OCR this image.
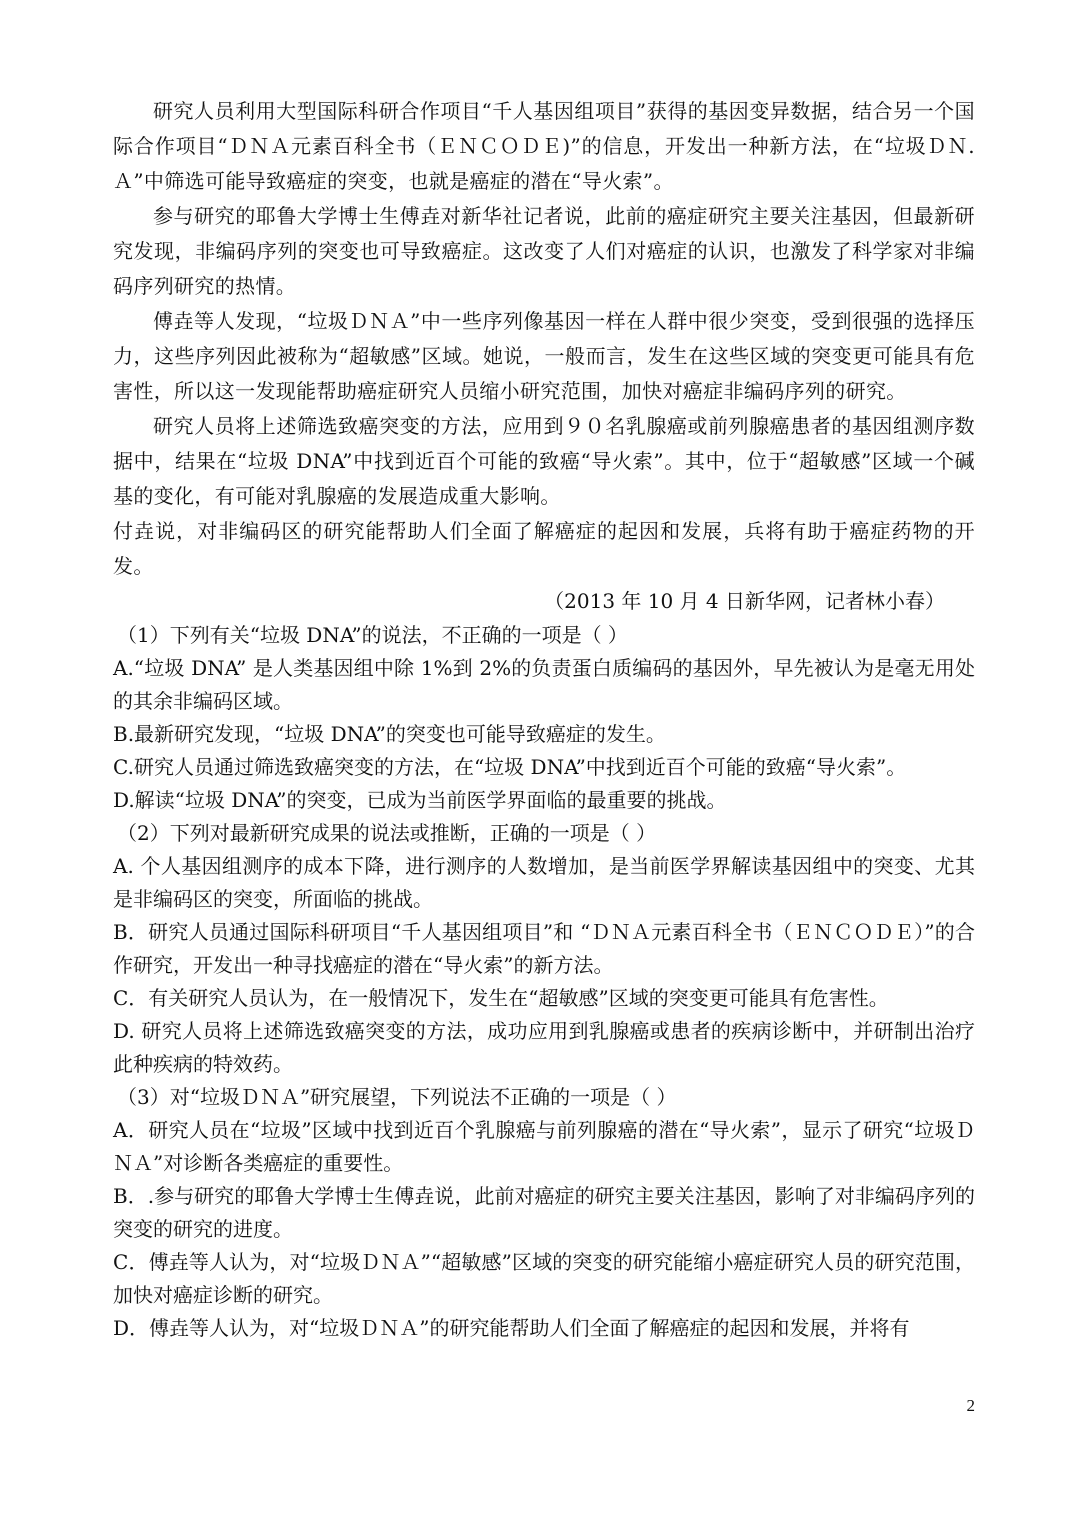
研究人员利用大型国际科研合作项目“千人基因组项目”获得的基因变异数据，结合另一个国际合作项目“ＤＮＡ元素百科全书（ＥＮＣＯＤＥ)”的信息，开发出一种新方法，在“垃圾ＤＮ.Ａ”中筛选可能导致癌症的突变，也就是癌症的潜在“导火索”。

参与研究的耶鲁大学博士生傅垚对新华社记者说，此前的癌症研究主要关注基因，但最新研究发现，非编码序列的突变也可导致癌症。这改变了人们对癌症的认识，也激发了科学家对非编码序列研究的热情。

傅垚等人发现，“垃圾ＤＮＡ”中一些序列像基因一样在人群中很少突变，受到很强的选择压力，这些序列因此被称为“超敏感”区域。她说，一般而言，发生在这些区域的突变更可能具有危害性，所以这一发现能帮助癌症研究人员缩小研究范围，加快对癌症非编码序列的研究。

研究人员将上述筛选致癌突变的方法，应用到９０名乳腺癌或前列腺癌患者的基因组测序数据中，结果在“垃圾 DNA”中找到近百个可能的致癌“导火索”。其中，位于“超敏感”区域一个碱基的变化，有可能对乳腺癌的发展造成重大影响。

付垚说，对非编码区的研究能帮助人们全面了解癌症的起因和发展，兵将有助于癌症药物的开发。

（2013 年 10 月 4 日新华网，记者林小春）

（1）下列有关“垃圾 DNA”的说法，不正确的一项是（ ）

A.“垃圾 DNA” 是人类基因组中除 1%到 2%的负责蛋白质编码的基因外，早先被认为是毫无用处的其余非编码区域。

B.最新研究发现，“垃圾 DNA”的突变也可能导致癌症的发生。

C.研究人员通过筛选致癌突变的方法，在“垃圾 DNA”中找到近百个可能的致癌“导火索”。

D.解读“垃圾 DNA”的突变，已成为当前医学界面临的最重要的挑战。

（2）下列对最新研究成果的说法或推断，正确的一项是（ ）

A. 个人基因组测序的成本下降，进行测序的人数增加，是当前医学界解读基因组中的突变、尤其是非编码区的突变，所面临的挑战。

B．研究人员通过国际科研项目“千人基因组项目”和 “ＤＮＡ元素百科全书（ＥＮＣＯＤＥ）”的合作研究，开发出一种寻找癌症的潜在“导火索”的新方法。

C．有关研究人员认为，在一般情况下，发生在“超敏感”区域的突变更可能具有危害性。

D. 研究人员将上述筛选致癌突变的方法，成功应用到乳腺癌或患者的疾病诊断中，并研制出治疗此种疾病的特效药。

（3）对“垃圾ＤＮＡ”研究展望，下列说法不正确的一项是（ ）

A．研究人员在“垃圾”区域中找到近百个乳腺癌与前列腺癌的潜在“导火索”，显示了研究“垃圾ＤＮＡ”对诊断各类癌症的重要性。

B．.参与研究的耶鲁大学博士生傅垚说，此前对癌症的研究主要关注基因，影响了对非编码序列的突变的研究的进度。

C．傅垚等人认为，对“垃圾ＤＮＡ”“超敏感”区域的突变的研究能缩小癌症研究人员的研究范围，加快对癌症诊断的研究。

D．傅垚等人认为，对“垃圾ＤＮＡ”的研究能帮助人们全面了解癌症的起因和发展，并将有

2
